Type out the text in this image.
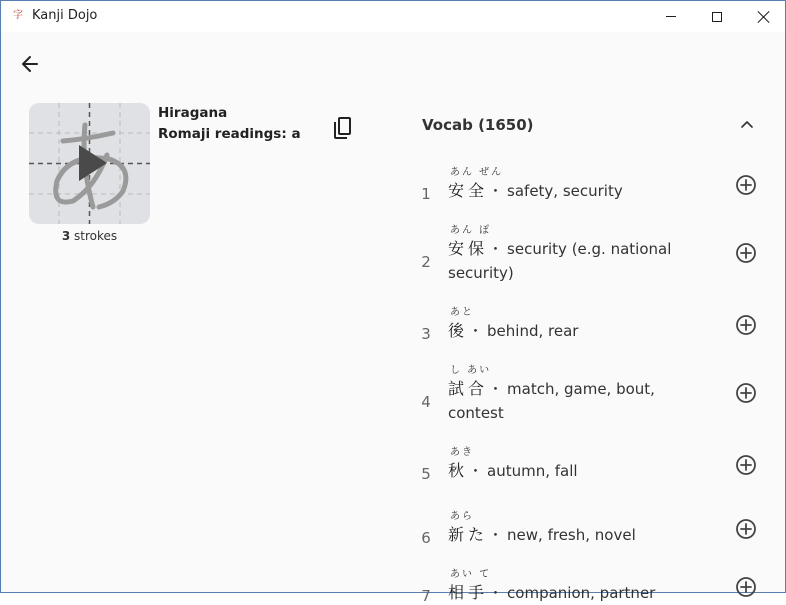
字 Kanji Dojo
3 strokes
Hiragana
Romaji readings: a	Vocab (1650)
1
あん ぜん
安全・ safety, security
2
あん ぽ
安保・ security (e.g. national security)
3
あと
後・ behind, rear
4
し あい
試合・ match, game, bout, contest
5
あき
秋・ autumn, fall
6
あら
新た・ new, fresh, novel
7
あい て
相手・ companion, partner
